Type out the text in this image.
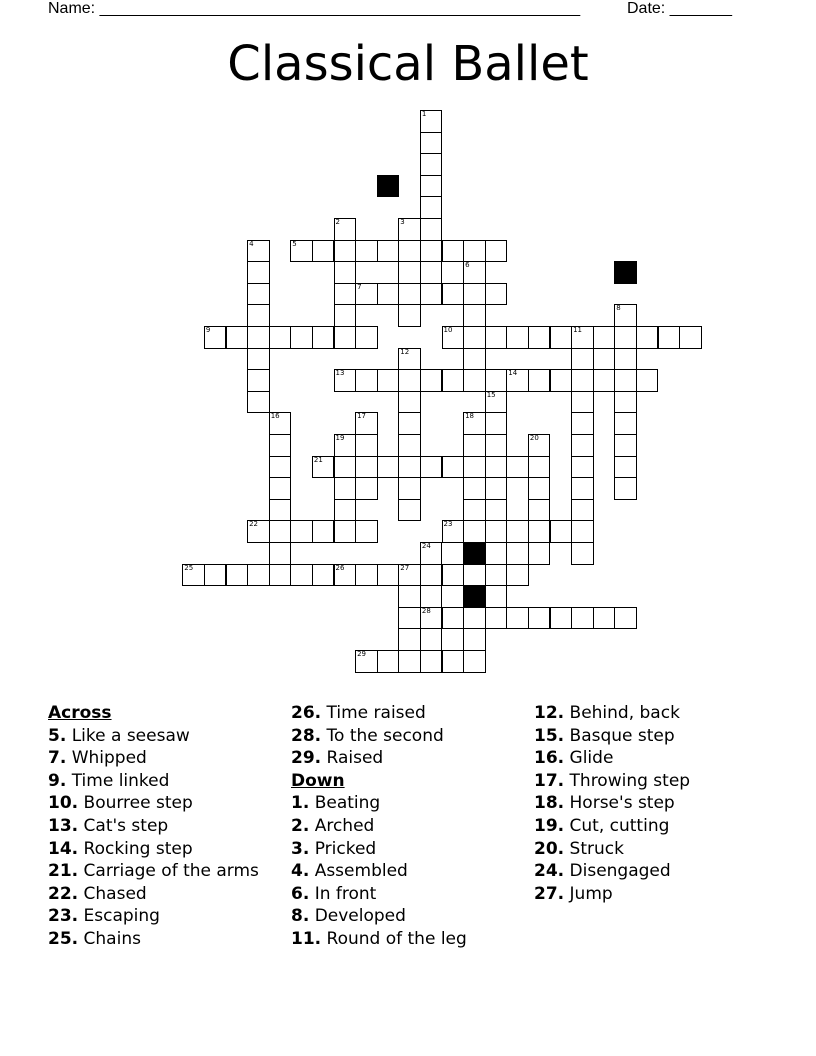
Name: ______________________________________________________	Date: _______
Classical Ballet
1
2	3
4	5
6
7
8
9	10	11
12
13	14
15
16	17	18
19	20
21
22	23
24
28
25	26	27
29
Across
5. Like a seesaw
7. Whipped
9. Time linked
10. Bourree step
13. Cat's step
14. Rocking step
21. Carriage of the arms
22. Chased
23. Escaping
25. Chains
26. Time raised
28. To the second
29. Raised
Down
1. Beating
2. Arched
3. Pricked
4. Assembled
6. In front
8. Developed
11. Round of the leg
12. Behind, back
15. Basque step
16. Glide
17. Throwing step
18. Horse's step
19. Cut, cutting
20. Struck
24. Disengaged
27. Jump
